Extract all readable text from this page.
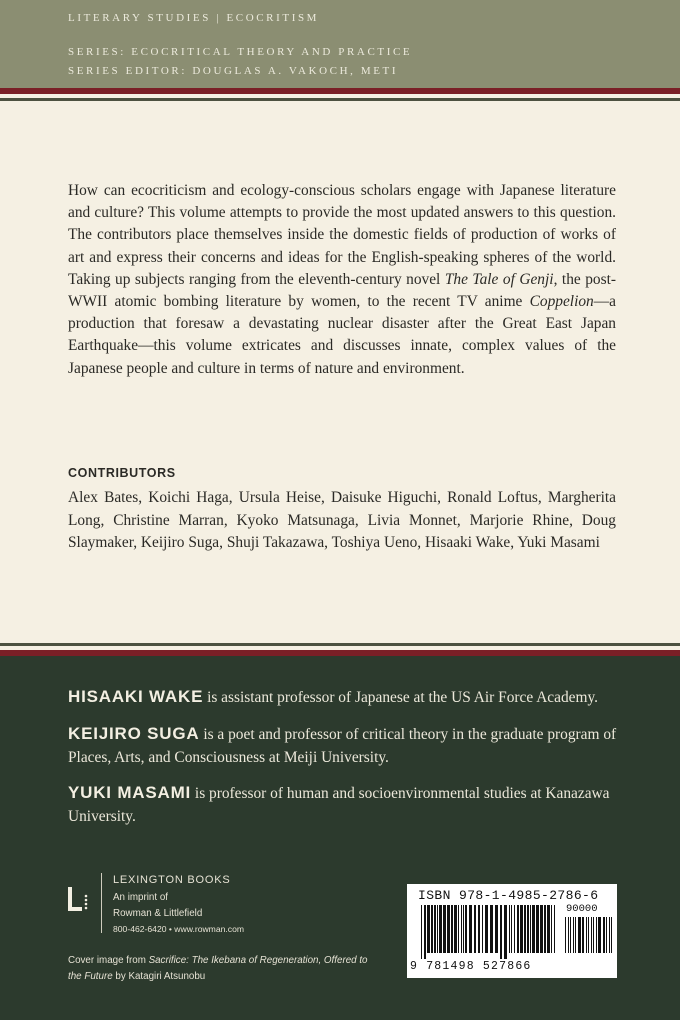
LITERARY STUDIES | ECOCRITISM
SERIES: ECOCRITICAL THEORY AND PRACTICE
SERIES EDITOR: DOUGLAS A. VAKOCH, METI

How can ecocriticism and ecology-conscious scholars engage with Japanese literature and culture? This volume attempts to provide the most updated answers to this question. The contributors place themselves inside the domestic fields of production of works of art and express their concerns and ideas for the English-speaking spheres of the world. Taking up subjects ranging from the eleventh-century novel The Tale of Genji, the post-WWII atomic bombing literature by women, to the recent TV anime Coppelion—a production that foresaw a devastating nuclear disaster after the Great East Japan Earthquake—this volume extricates and discusses innate, complex values of the Japanese people and culture in terms of nature and environment.

CONTRIBUTORS

Alex Bates, Koichi Haga, Ursula Heise, Daisuke Higuchi, Ronald Loftus, Margherita Long, Christine Marran, Kyoko Matsunaga, Livia Monnet, Marjorie Rhine, Doug Slaymaker, Keijiro Suga, Shuji Takazawa, Toshiya Ueno, Hisaaki Wake, Yuki Masami

HISAAKI WAKE is assistant professor of Japanese at the US Air Force Academy.

KEIJIRO SUGA is a poet and professor of critical theory in the graduate program of Places, Arts, and Consciousness at Meiji University.

YUKI MASAMI is professor of human and socioenvironmental studies at Kanazawa University.

LEXINGTON BOOKS
An imprint of
Rowman & Littlefield
800-462-6420 • www.rowman.com

Cover image from Sacrifice: The Ikebana of Regeneration, Offered to the Future by Katagiri Atsunobu

ISBN 978-1-4985-2786-6
90000
9 781498 527866
